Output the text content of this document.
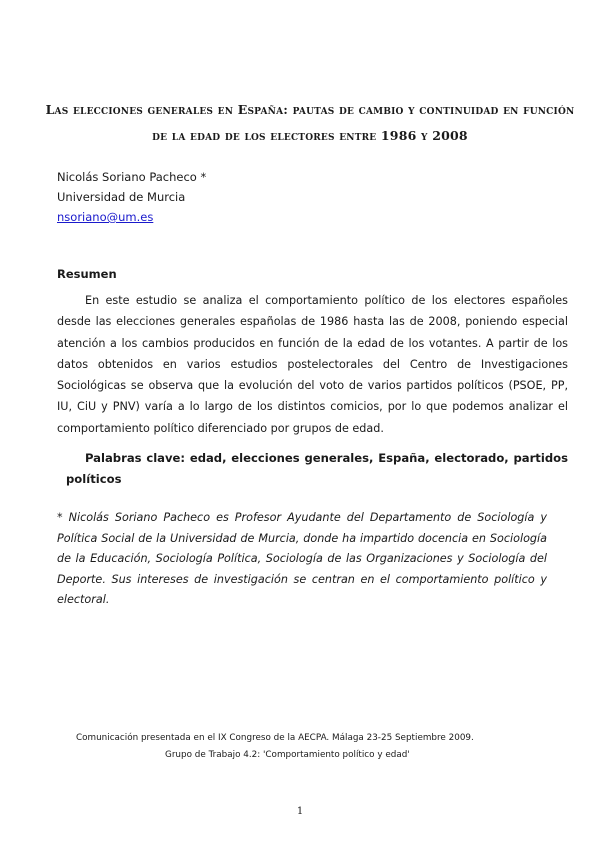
Las elecciones generales en España: pautas de cambio y continuidad en función de la edad de los electores entre 1986 y 2008
Nicolás Soriano Pacheco *
Universidad de Murcia
nsoriano@um.es
Resumen

En este estudio se analiza el comportamiento político de los electores españoles desde las elecciones generales españolas de 1986 hasta las de 2008, poniendo especial atención a los cambios producidos en función de la edad de los votantes. A partir de los datos obtenidos en varios estudios postelectorales del Centro de Investigaciones Sociológicas se observa que la evolución del voto de varios partidos políticos (PSOE, PP, IU, CiU y PNV) varía a lo largo de los distintos comicios, por lo que podemos analizar el comportamiento político diferenciado por grupos de edad.

Palabras clave: edad, elecciones generales, España, electorado, partidos políticos

* Nicolás Soriano Pacheco es Profesor Ayudante del Departamento de Sociología y Política Social de la Universidad de Murcia, donde ha impartido docencia en Sociología de la Educación, Sociología Política, Sociología de las Organizaciones y Sociología del Deporte. Sus intereses de investigación se centran en el comportamiento político y electoral.

Comunicación presentada en el IX Congreso de la AECPA. Málaga 23-25 Septiembre 2009.
Grupo de Trabajo 4.2: 'Comportamiento político y edad'
1
